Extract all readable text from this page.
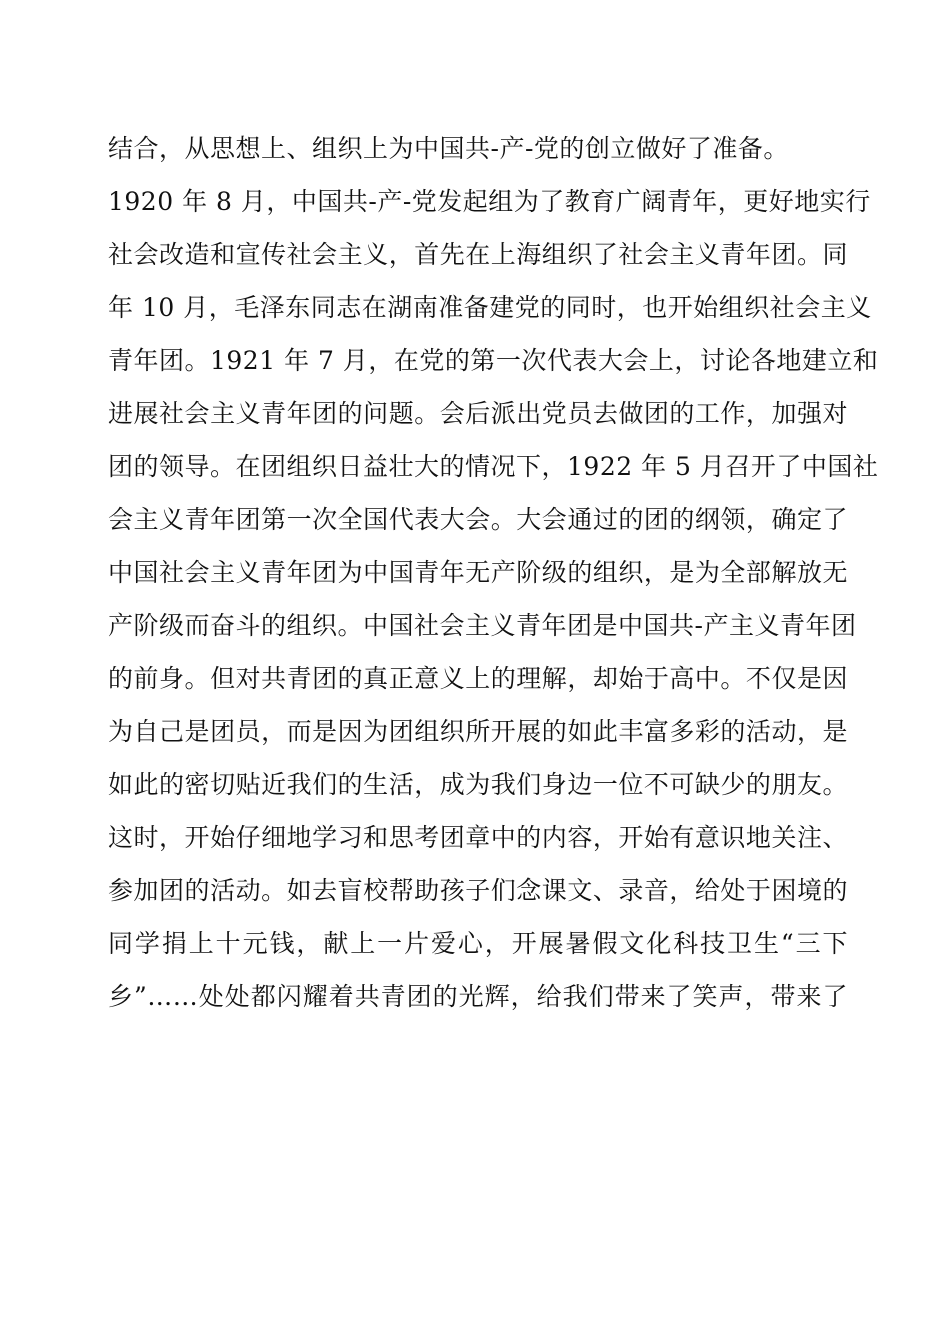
结合，从思想上、组织上为中国共-产-党的创立做好了准备。
1920 年 8 月，中国共-产-党发起组为了教育广阔青年，更好地实行
社会改造和宣传社会主义，首先在上海组织了社会主义青年团。同
年 10 月，毛泽东同志在湖南准备建党的同时，也开始组织社会主义
青年团。1921 年 7 月，在党的第一次代表大会上，讨论各地建立和
进展社会主义青年团的问题。会后派出党员去做团的工作，加强对
团的领导。在团组织日益壮大的情况下，1922 年 5 月召开了中国社
会主义青年团第一次全国代表大会。大会通过的团的纲领，确定了
中国社会主义青年团为中国青年无产阶级的组织，是为全部解放无
产阶级而奋斗的组织。中国社会主义青年团是中国共-产主义青年团
的前身。但对共青团的真正意义上的理解，却始于高中。不仅是因
为自己是团员，而是因为团组织所开展的如此丰富多彩的活动，是
如此的密切贴近我们的生活，成为我们身边一位不可缺少的朋友。
这时，开始仔细地学习和思考团章中的内容，开始有意识地关注、
参加团的活动。如去盲校帮助孩子们念课文、录音，给处于困境的
同学捐上十元钱，献上一片爱心，开展暑假文化科技卫生“三下
乡”……处处都闪耀着共青团的光辉，给我们带来了笑声，带来了
